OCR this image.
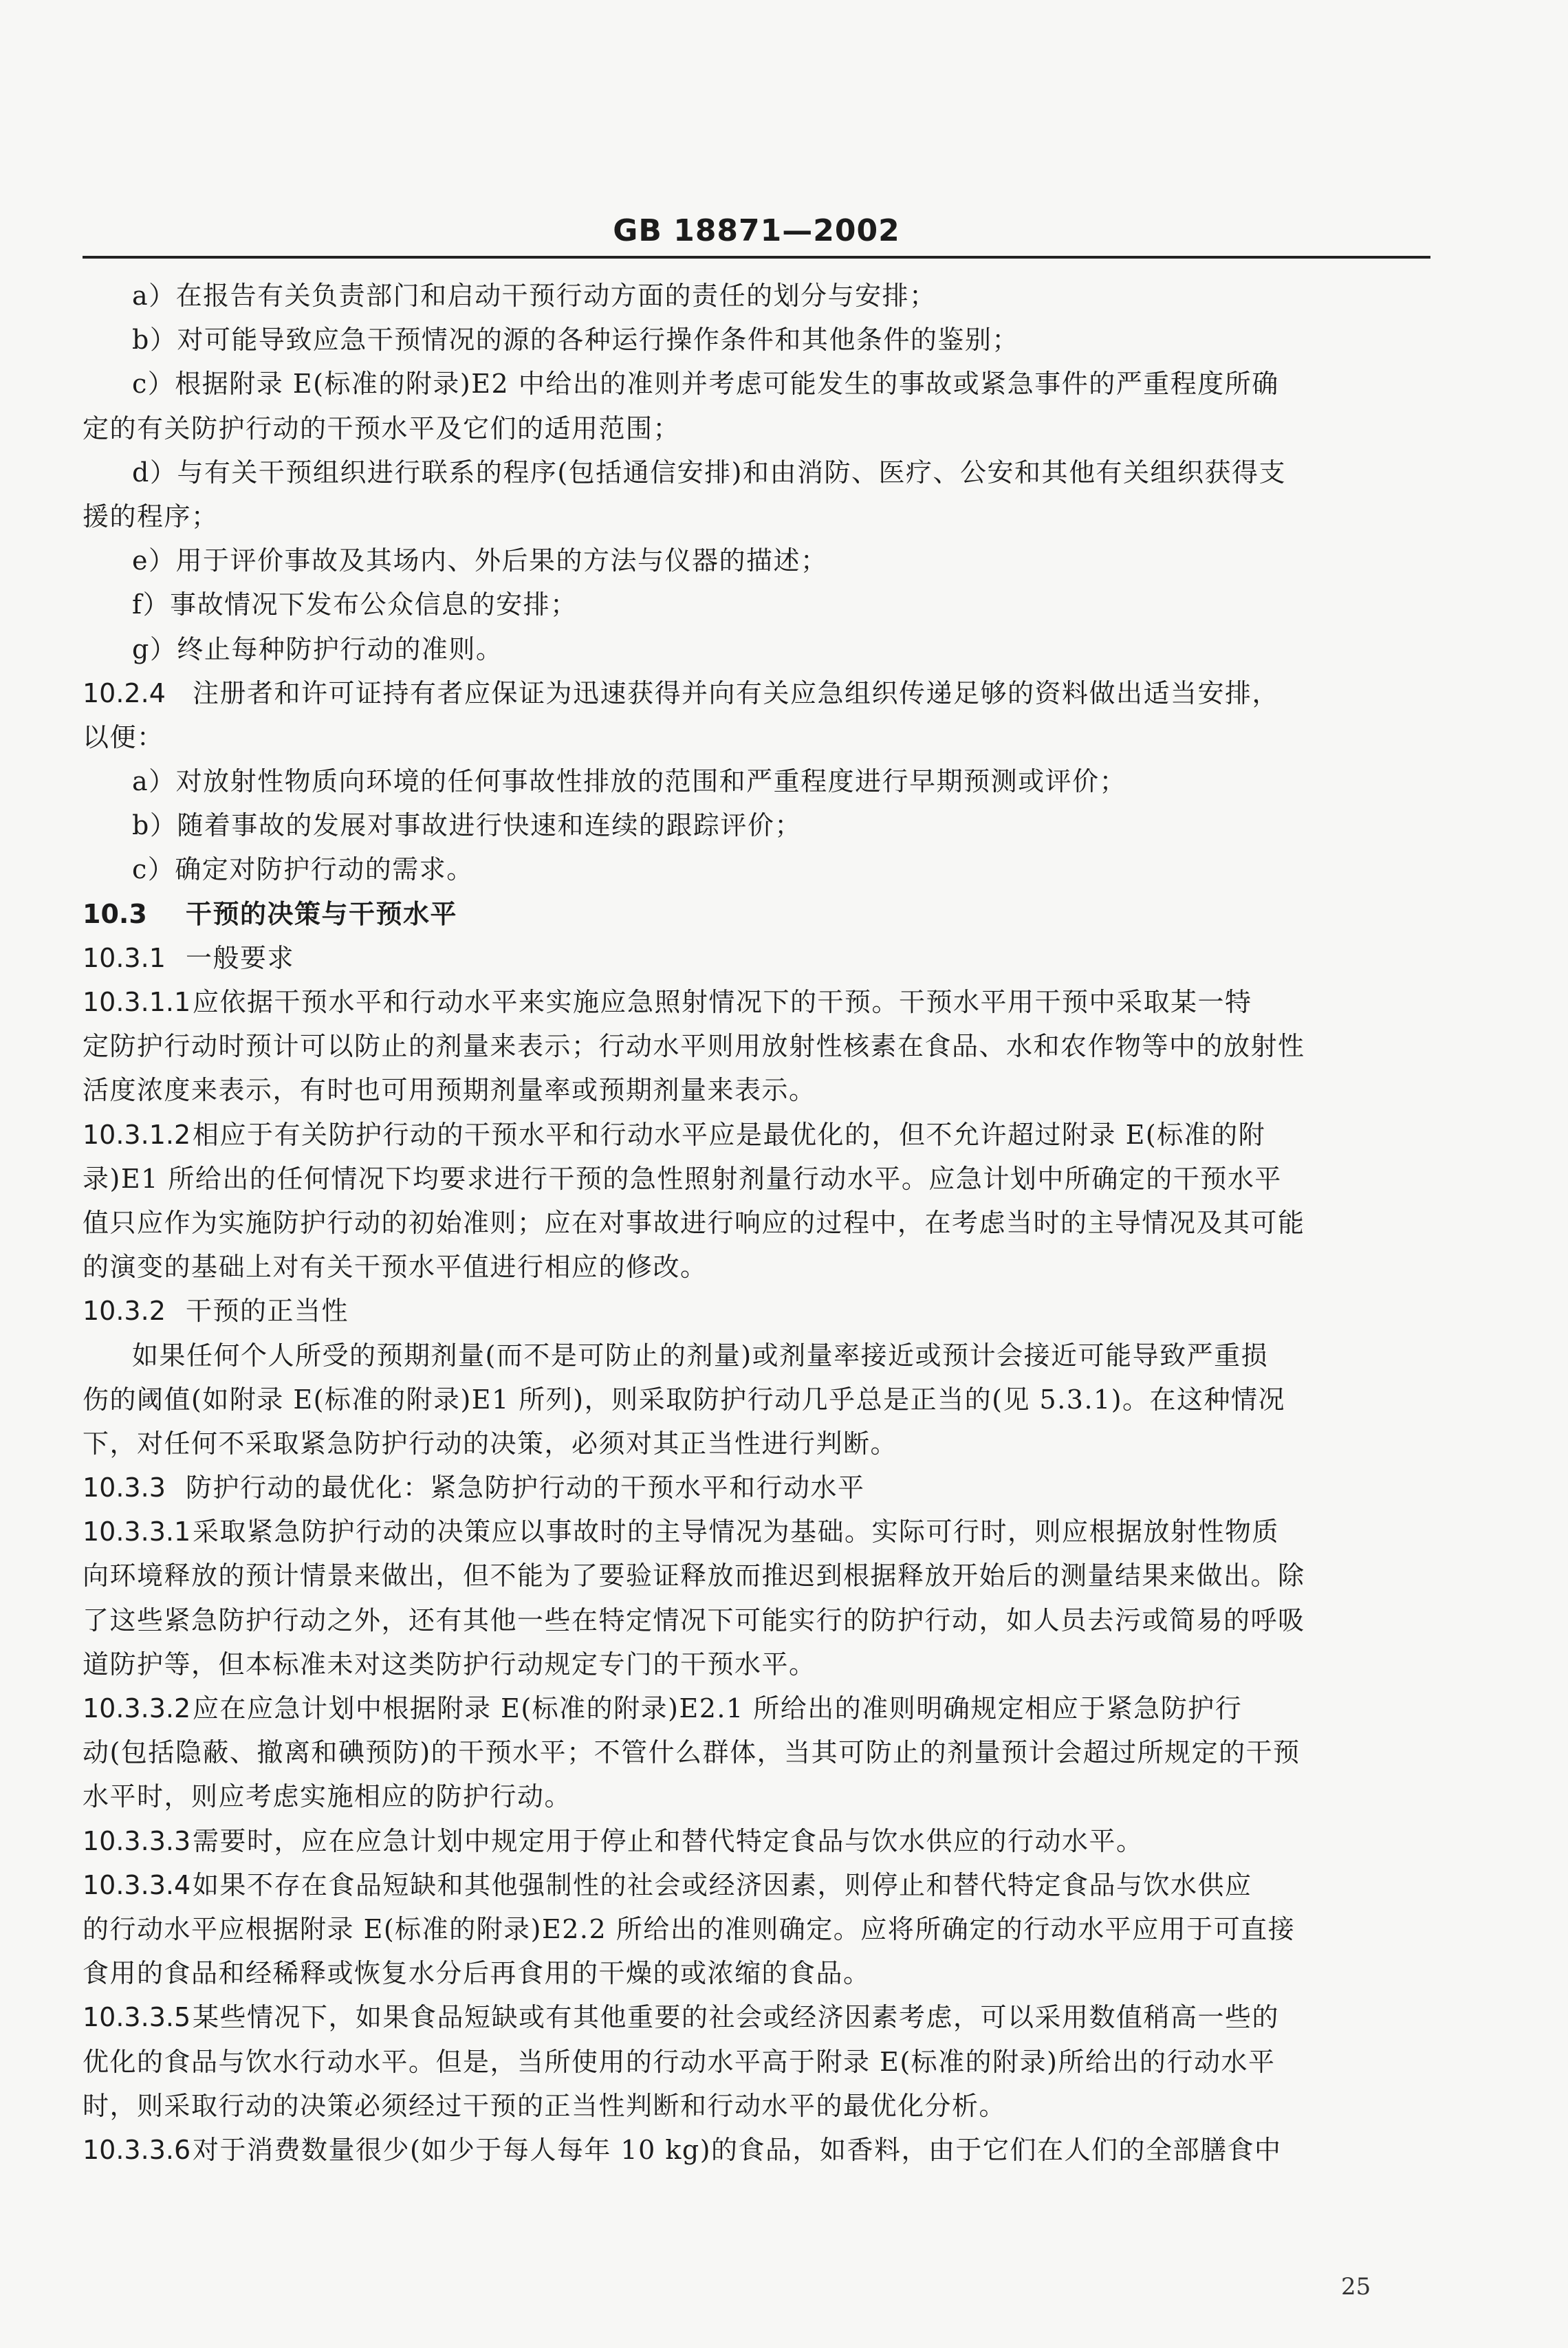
GB 18871—2002
a）在报告有关负责部门和启动干预行动方面的责任的划分与安排；
b）对可能导致应急干预情况的源的各种运行操作条件和其他条件的鉴别；
c）根据附录 E(标准的附录)E2 中给出的准则并考虑可能发生的事故或紧急事件的严重程度所确
定的有关防护行动的干预水平及它们的适用范围；
d）与有关干预组织进行联系的程序(包括通信安排)和由消防、医疗、公安和其他有关组织获得支
援的程序；
e）用于评价事故及其场内、外后果的方法与仪器的描述；
f）事故情况下发布公众信息的安排；
g）终止每种防护行动的准则。
10.2.4 注册者和许可证持有者应保证为迅速获得并向有关应急组织传递足够的资料做出适当安排，
以便：
a）对放射性物质向环境的任何事故性排放的范围和严重程度进行早期预测或评价；
b）随着事故的发展对事故进行快速和连续的跟踪评价；
c）确定对防护行动的需求。
10.3 干预的决策与干预水平
10.3.1 一般要求
10.3.1.1应依据干预水平和行动水平来实施应急照射情况下的干预。干预水平用干预中采取某一特
定防护行动时预计可以防止的剂量来表示；行动水平则用放射性核素在食品、水和农作物等中的放射性
活度浓度来表示，有时也可用预期剂量率或预期剂量来表示。
10.3.1.2相应于有关防护行动的干预水平和行动水平应是最优化的，但不允许超过附录 E(标准的附
录)E1 所给出的任何情况下均要求进行干预的急性照射剂量行动水平。应急计划中所确定的干预水平
值只应作为实施防护行动的初始准则；应在对事故进行响应的过程中，在考虑当时的主导情况及其可能
的演变的基础上对有关干预水平值进行相应的修改。
10.3.2 干预的正当性
如果任何个人所受的预期剂量(而不是可防止的剂量)或剂量率接近或预计会接近可能导致严重损
伤的阈值(如附录 E(标准的附录)E1 所列)，则采取防护行动几乎总是正当的(见 5.3.1)。在这种情况
下，对任何不采取紧急防护行动的决策，必须对其正当性进行判断。
10.3.3 防护行动的最优化：紧急防护行动的干预水平和行动水平
10.3.3.1采取紧急防护行动的决策应以事故时的主导情况为基础。实际可行时，则应根据放射性物质
向环境释放的预计情景来做出，但不能为了要验证释放而推迟到根据释放开始后的测量结果来做出。除
了这些紧急防护行动之外，还有其他一些在特定情况下可能实行的防护行动，如人员去污或简易的呼吸
道防护等，但本标准未对这类防护行动规定专门的干预水平。
10.3.3.2应在应急计划中根据附录 E(标准的附录)E2.1 所给出的准则明确规定相应于紧急防护行
动(包括隐蔽、撤离和碘预防)的干预水平；不管什么群体，当其可防止的剂量预计会超过所规定的干预
水平时，则应考虑实施相应的防护行动。
10.3.3.3需要时，应在应急计划中规定用于停止和替代特定食品与饮水供应的行动水平。
10.3.3.4如果不存在食品短缺和其他强制性的社会或经济因素，则停止和替代特定食品与饮水供应
的行动水平应根据附录 E(标准的附录)E2.2 所给出的准则确定。应将所确定的行动水平应用于可直接
食用的食品和经稀释或恢复水分后再食用的干燥的或浓缩的食品。
10.3.3.5某些情况下，如果食品短缺或有其他重要的社会或经济因素考虑，可以采用数值稍高一些的
优化的食品与饮水行动水平。但是，当所使用的行动水平高于附录 E(标准的附录)所给出的行动水平
时，则采取行动的决策必须经过干预的正当性判断和行动水平的最优化分析。
10.3.3.6对于消费数量很少(如少于每人每年 10 kg)的食品，如香料，由于它们在人们的全部膳食中
25
